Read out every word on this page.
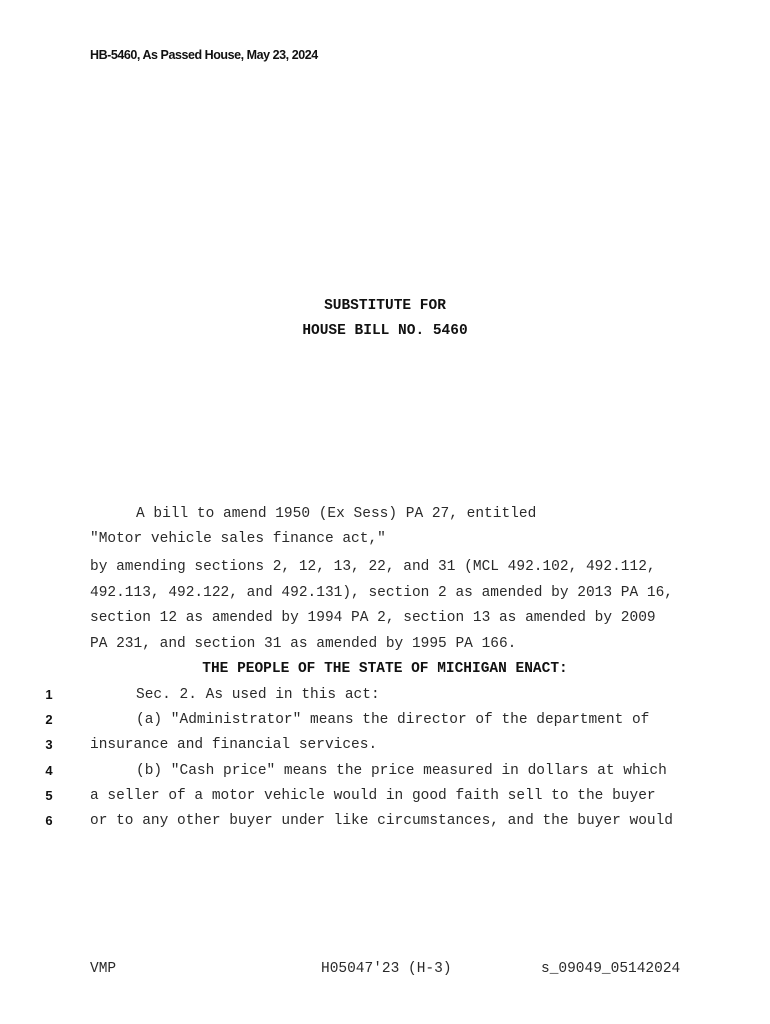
HB-5460, As Passed House, May 23, 2024
SUBSTITUTE FOR
HOUSE BILL NO. 5460
A bill to amend 1950 (Ex Sess) PA 27, entitled
"Motor vehicle sales finance act,"
by amending sections 2, 12, 13, 22, and 31 (MCL 492.102, 492.112,
492.113, 492.122, and 492.131), section 2 as amended by 2013 PA 16,
section 12 as amended by 1994 PA 2, section 13 as amended by 2009
PA 231, and section 31 as amended by 1995 PA 166.
THE PEOPLE OF THE STATE OF MICHIGAN ENACT:
1	Sec. 2. As used in this act:
2	(a) "Administrator" means the director of the department of
3	insurance and financial services.
4	(b) "Cash price" means the price measured in dollars at which
5	a seller of a motor vehicle would in good faith sell to the buyer
6	or to any other buyer under like circumstances, and the buyer would
VMP	H05047'23 (H-3)	s_09049_05142024
